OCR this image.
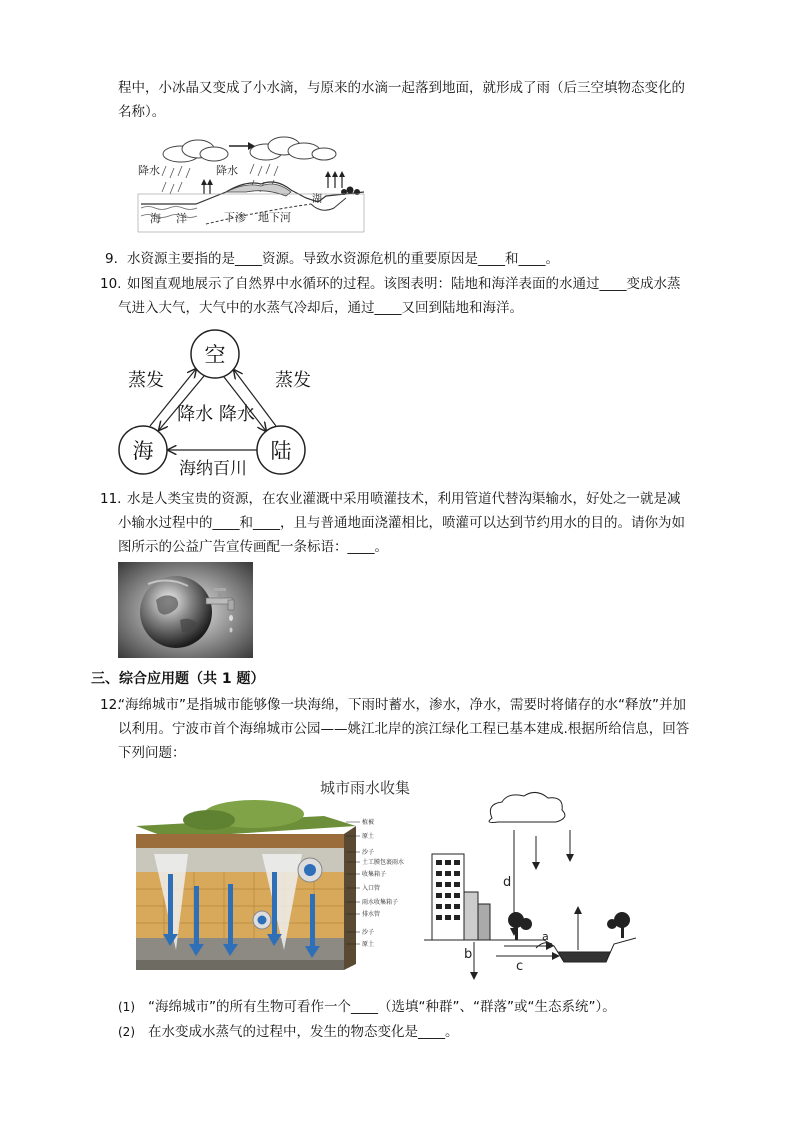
程中，小冰晶又变成了小水滴，与原来的水滴一起落到地面，就形成了雨（后三空填物态变化的
名称）。
降水	降水
海 洋	下渗 地下河
湖
9. 水资源主要指的是____资源。导致水资源危机的重要原因是____和____。
10. 如图直观地展示了自然界中水循环的过程。该图表明：陆地和海洋表面的水通过____变成水蒸
气进入大气，大气中的水蒸气冷却后，通过____又回到陆地和海洋。
空
海	陆
蒸发	蒸发
降水 降水
海纳百川
11. 水是人类宝贵的资源，在农业灌溉中采用喷灌技术，利用管道代替沟渠输水，好处之一就是减
小输水过程中的____和____，且与普通地面浇灌相比，喷灌可以达到节约用水的目的。请你为如
图所示的公益广告宣传画配一条标语：____。
三、综合应用题（共 1 题）
12.
“海绵城市”是指城市能够像一块海绵，下雨时蓄水，渗水，净水，需要时将储存的水“释放”并加
以利用。宁波市首个海绵城市公园——姚江北岸的滨江绿化工程已基本建成.根据所给信息，回答
下列问题：
城市雨水收集
植被
原土
沙子
土工膜包裹雨水
收集箱子
入口管
雨水收集箱子
排水管
沙子
原土
d
b
c
a
(1) “海绵城市”的所有生物可看作一个____（选填“种群”、“群落”或“生态系统”）。
(2) 在水变成水蒸气的过程中，发生的物态变化是____。
